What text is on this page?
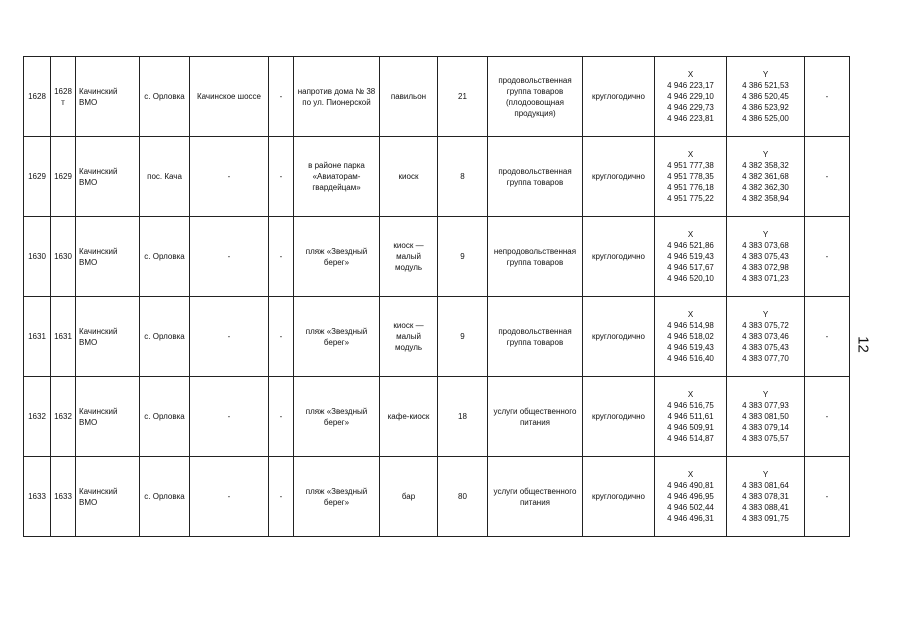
1628	1628т	Качинский ВМО	с. Орловка	Качинское шоссе	-	напротив дома № 38 по ул. Пионерской	павильон	21	продовольственная группа товаров (плодоовощная продукция)	круглогодично	X
4 946 223,17
4 946 229,10
4 946 229,73
4 946 223,81	Y
4 386 521,53
4 386 520,45
4 386 523,92
4 386 525,00	-
1629	1629	Качинский ВМО	пос. Кача	-	-	в районе парка «Авиаторам-гвардейцам»	киоск	8	продовольственная группа товаров	круглогодично	X
4 951 777,38
4 951 778,35
4 951 776,18
4 951 775,22	Y
4 382 358,32
4 382 361,68
4 382 362,30
4 382 358,94	-
1630	1630	Качинский ВМО	с. Орловка	-	-	пляж «Звездный берег»	киоск — малый модуль	9	непродовольственная группа товаров	круглогодично	X
4 946 521,86
4 946 519,43
4 946 517,67
4 946 520,10	Y
4 383 073,68
4 383 075,43
4 383 072,98
4 383 071,23	-
1631	1631	Качинский ВМО	с. Орловка	-	-	пляж «Звездный берег»	киоск — малый модуль	9	продовольственная группа товаров	круглогодично	X
4 946 514,98
4 946 518,02
4 946 519,43
4 946 516,40	Y
4 383 075,72
4 383 073,46
4 383 075,43
4 383 077,70	-
1632	1632	Качинский ВМО	с. Орловка	-	-	пляж «Звездный берег»	кафе-киоск	18	услуги общественного питания	круглогодично	X
4 946 516,75
4 946 511,61
4 946 509,91
4 946 514,87	Y
4 383 077,93
4 383 081,50
4 383 079,14
4 383 075,57	-
1633	1633	Качинский ВМО	с. Орловка	-	-	пляж «Звездный берег»	бар	80	услуги общественного питания	круглогодично	X
4 946 490,81
4 946 496,95
4 946 502,44
4 946 496,31	Y
4 383 081,64
4 383 078,31
4 383 088,41
4 383 091,75	-
12
